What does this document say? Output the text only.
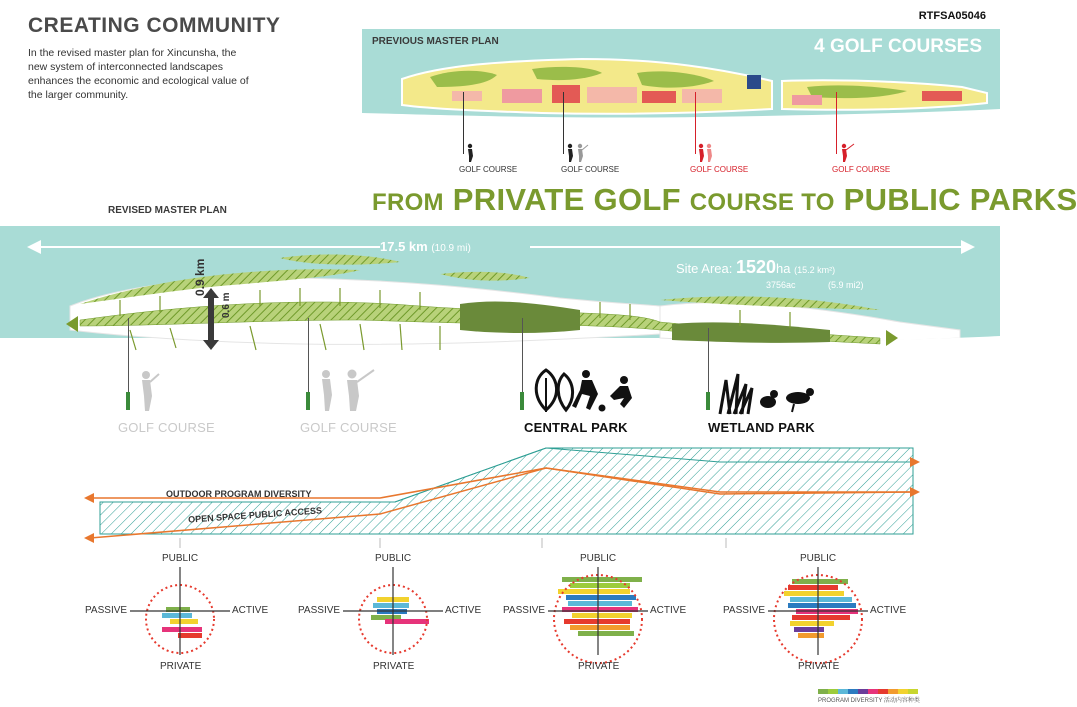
CREATING COMMUNITY
In the revised master plan for Xincunsha, the new system of interconnected landscapes enhances the economic and ecological value of the larger community.
RTFSA05046
PREVIOUS MASTER PLAN	4 GOLF COURSES
GOLF COURSE	GOLF COURSE	GOLF COURSE	GOLF COURSE
FROM PRIVATE GOLF COURSE TO PUBLIC PARKS
REVISED MASTER PLAN
17.5 km (10.9 mi)
Site Area: 1520ha (15.2 km²)
3756ac	(5.9 mi2)
0.9 km
0.6 m
GOLF COURSE	GOLF COURSE	CENTRAL PARK	WETLAND PARK
OUTDOOR PROGRAM DIVERSITY
OPEN SPACE PUBLIC ACCESS
PUBLIC
PRIVATE
PASSIVE	ACTIVE
PUBLIC
PRIVATE
PASSIVE	ACTIVE
PUBLIC
PRIVATE
PASSIVE	ACTIVE
PUBLIC
PRIVATE
PASSIVE	ACTIVE
PROGRAM DIVERSITY 活动内容种类
